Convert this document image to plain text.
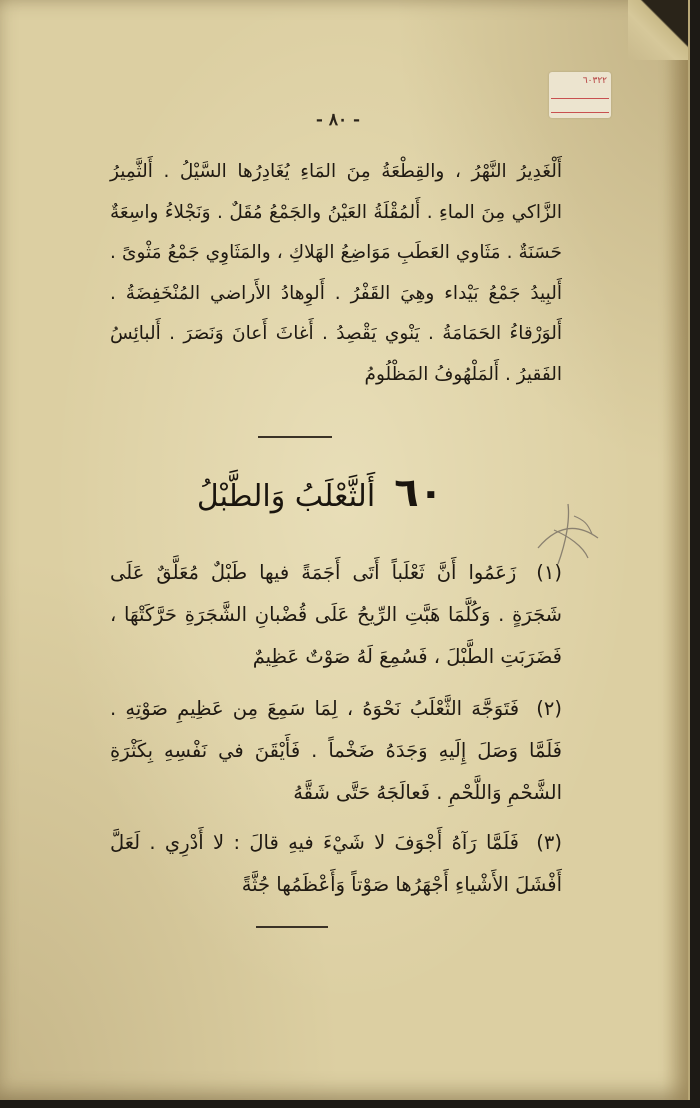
٦٠٣٢٢
- ٨٠ -
أَلْغَدِيرُ النَّهْرُ ، والقِطْعَةُ مِنَ المَاءِ يُغَادِرُها السَّيْلُ . أَلثَّمِيرُ الزَّاكي مِنَ الماءِ . أَلمُقْلَةُ العَيْنُ والجَمْعُ مُقَلٌ . وَنَجْلاءُ واسِعَةٌ حَسَنَةٌ . مَثَاوي العَطَبِ مَوَاضِعُ الهَلاكِ ، والمَثَاوِي جَمْعُ مَثْوىً . أَلبِيدُ جَمْعُ بَيْداء وهِيَ القَفْرُ . أَلوِهادُ الأَراضي المُنْخَفِضَةُ . أَلوَرْقاءُ الحَمَامَةُ . يَنْوي يَقْصِدُ . أَغاثَ أَعانَ وَنَصَرَ . أَلبائِسُ الفَقيرُ . أَلمَلْهُوفُ المَظْلُومُ
٦٠ أَلثَّعْلَبُ وَالطَّبْلُ
(١) زَعَمُوا أَنَّ ثَعْلَباً أَتَى أَجَمَةً فيها طَبْلٌ مُعَلَّقٌ عَلَى شَجَرَةٍ . وَكُلَّمَا هَبَّتِ الرِّيحُ عَلَى قُضْبانِ الشَّجَرَةِ حَرَّكَتْهَا ، فَضَرَبَتِ الطَّبْلَ ، فَسُمِعَ لَهُ صَوْتٌ عَظِيمٌ
(٢) فَتَوَجَّهَ الثَّعْلَبُ نَحْوَهُ ، لِمَا سَمِعَ مِن عَظِيمِ صَوْتِهِ . فَلَمَّا وَصَلَ إِلَيهِ وَجَدَهُ ضَخْماً . فَأَيْقَنَ في نَفْسِهِ بِكَثْرَةِ الشَّحْمِ وَاللَّحْمِ . فَعالَجَهُ حَتَّى شَقَّهُ
(٣) فَلَمَّا رَآهُ أَجْوَفَ لا شَيْءَ فيهِ قالَ : لا أَدْرِي . لَعَلَّ أَفْشَلَ الأَشْياءِ أَجْهَرُها صَوْتاً وَأَعْظَمُها جُثَّةً
